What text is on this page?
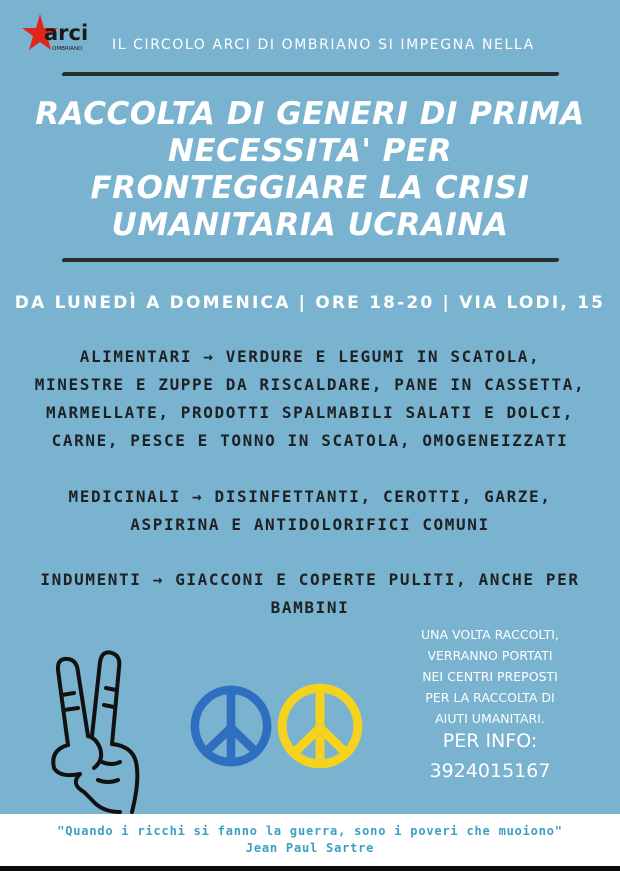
arci
OMBRIANO IL CIRCOLO ARCI DI OMBRIANO SI IMPEGNA NELLA
RACCOLTA DI GENERI DI PRIMA
NECESSITA' PER
FRONTEGGIARE LA CRISI
UMANITARIA UCRAINA
DA LUNEDÌ A DOMENICA | ORE 18-20 | VIA LODI, 15
ALIMENTARI → VERDURE E LEGUMI IN SCATOLA,
MINESTRE E ZUPPE DA RISCALDARE, PANE IN CASSETTA,
MARMELLATE, PRODOTTI SPALMABILI SALATI E DOLCI,
CARNE, PESCE E TONNO IN SCATOLA, OMOGENEIZZATI
MEDICINALI → DISINFETTANTI, CEROTTI, GARZE,
ASPIRINA E ANTIDOLORIFICI COMUNI
INDUMENTI → GIACCONI E COPERTE PULITI, ANCHE PER
BAMBINI
UNA VOLTA RACCOLTI,
VERRANNO PORTATI
NEI CENTRI PREPOSTI
PER LA RACCOLTA DI
AIUTI UMANITARI.
PER INFO:
3924015167
"Quando i ricchi si fanno la guerra, sono i poveri che muoiono"
Jean Paul Sartre
